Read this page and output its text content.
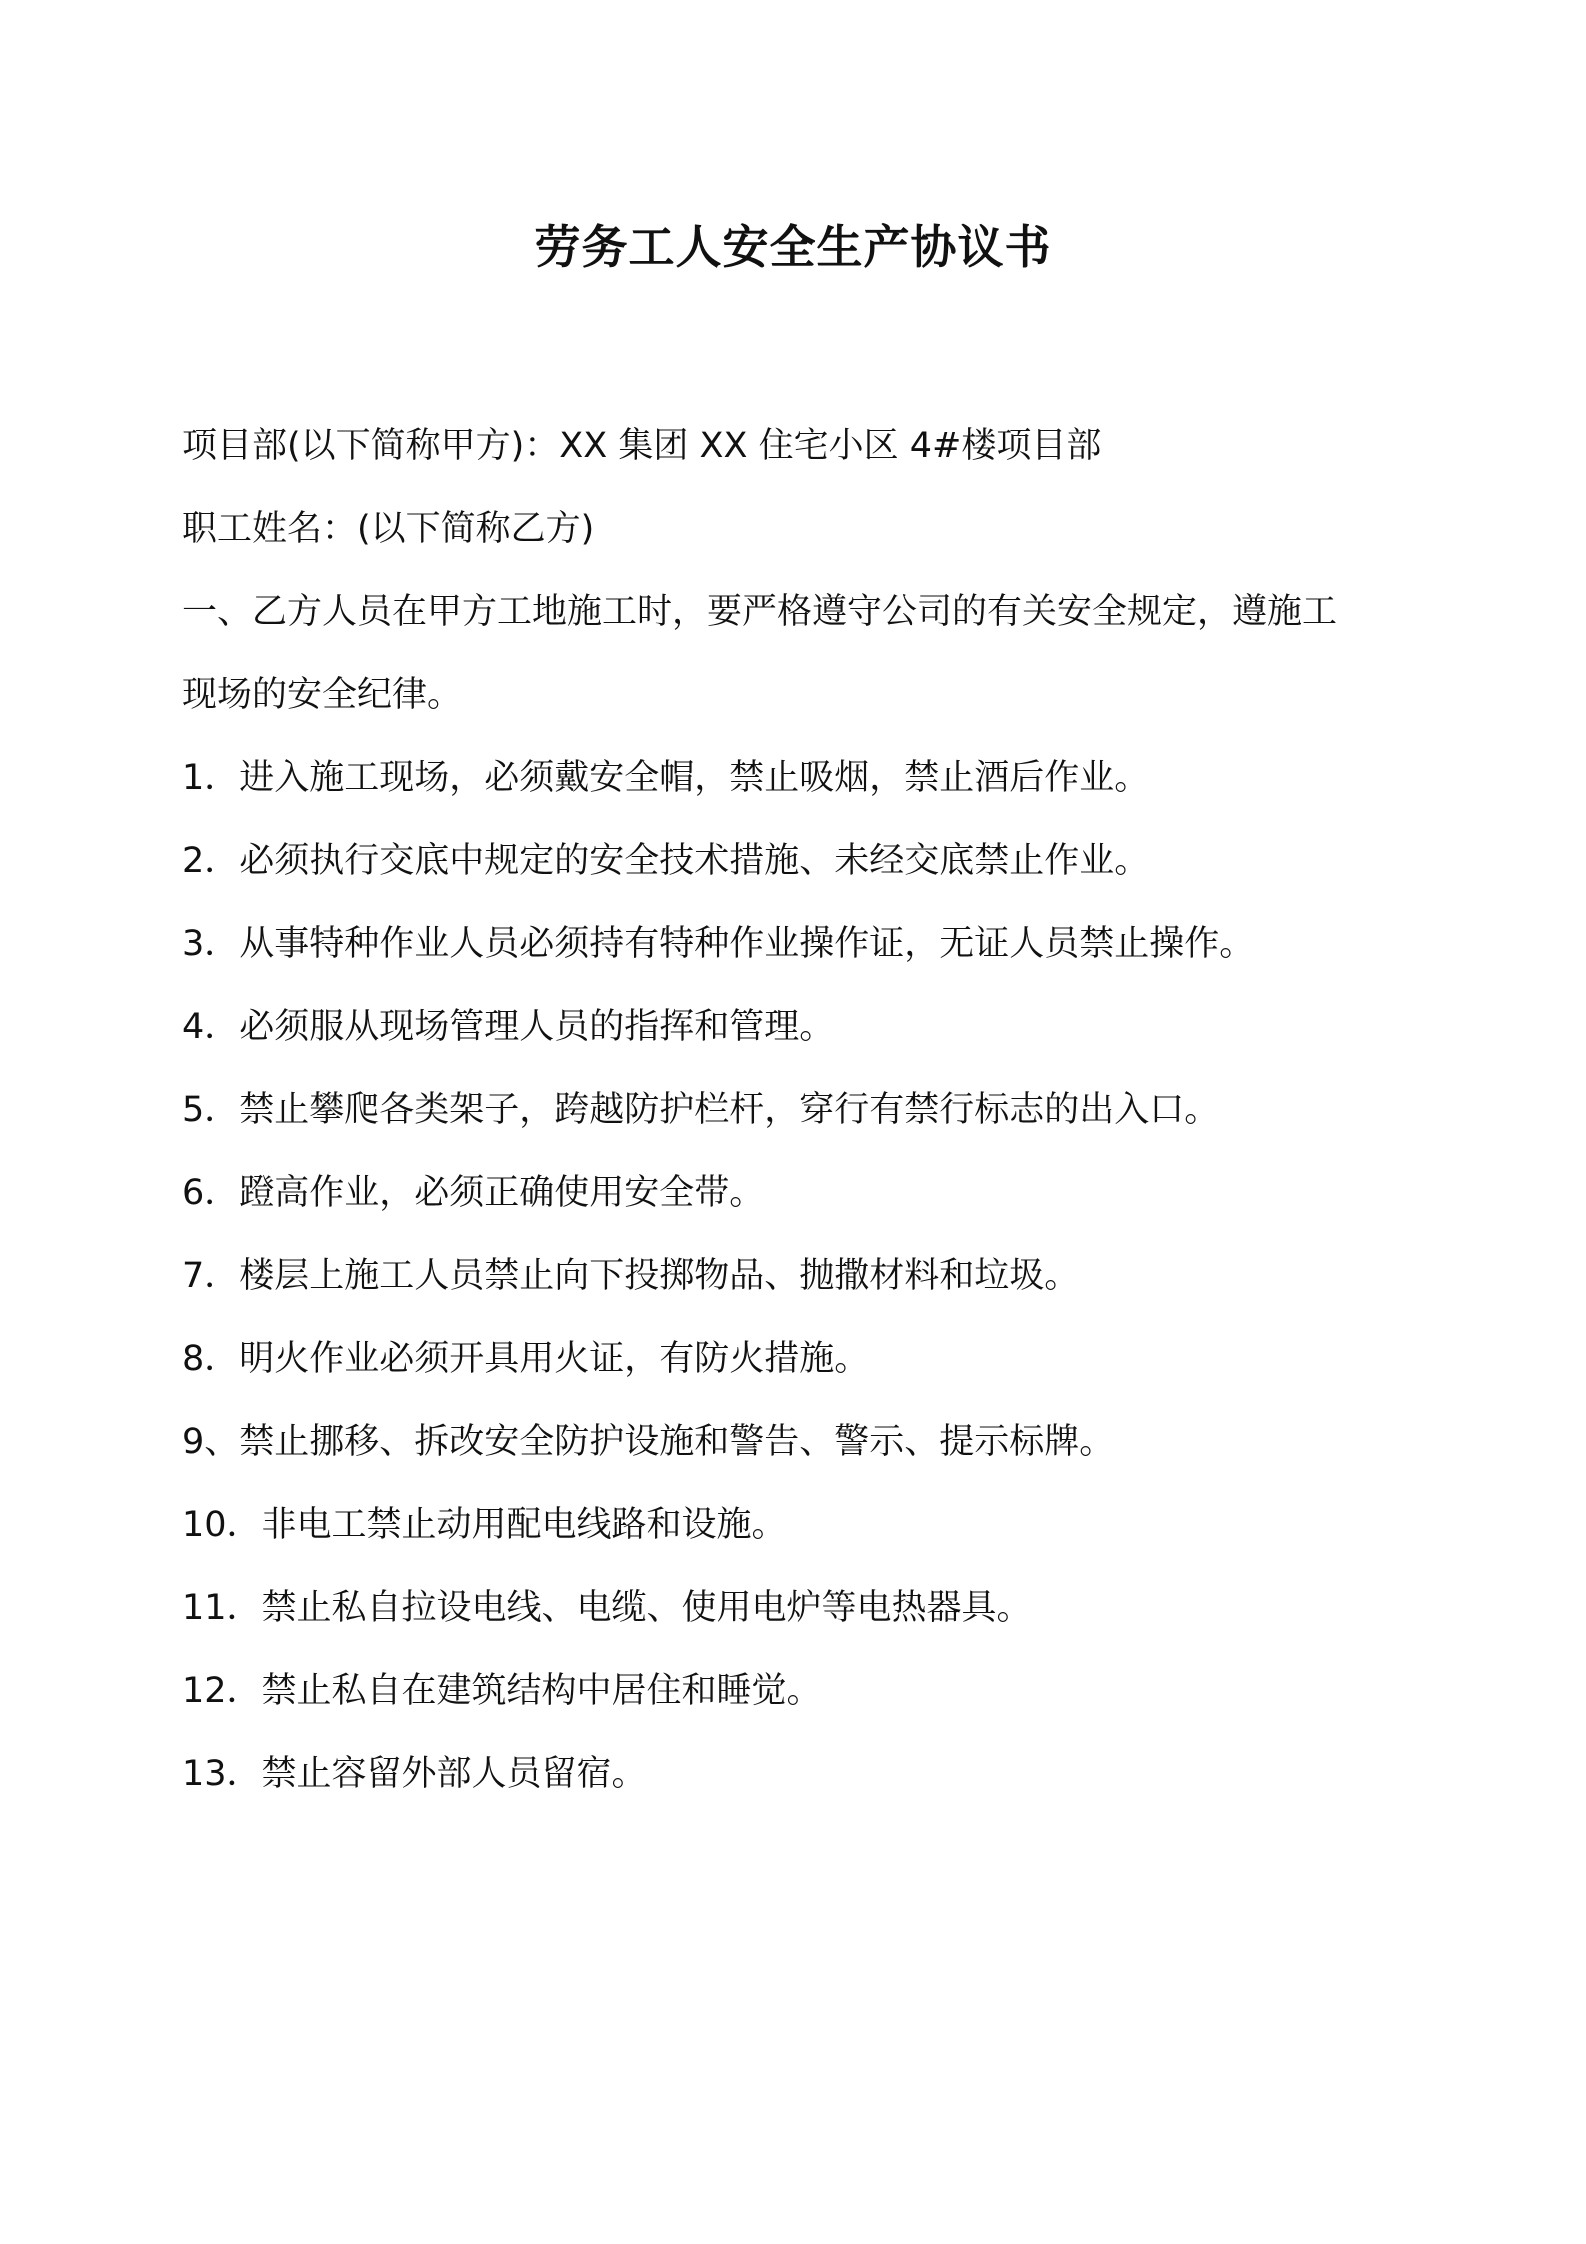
劳务工人安全生产协议书
项目部(以下简称甲方)：XX 集团 XX 住宅小区 4#楼项目部
职工姓名：(以下简称乙方)
一、乙方人员在甲方工地施工时，要严格遵守公司的有关安全规定，遵施工
现场的安全纪律。
1．进入施工现场，必须戴安全帽，禁止吸烟，禁止酒后作业。
2．必须执行交底中规定的安全技术措施、未经交底禁止作业。
3．从事特种作业人员必须持有特种作业操作证，无证人员禁止操作。
4．必须服从现场管理人员的指挥和管理。
5．禁止攀爬各类架子，跨越防护栏杆，穿行有禁行标志的出入口。
6．蹬高作业，必须正确使用安全带。
7．楼层上施工人员禁止向下投掷物品、抛撒材料和垃圾。
8．明火作业必须开具用火证，有防火措施。
9、禁止挪移、拆改安全防护设施和警告、警示、提示标牌。
10．非电工禁止动用配电线路和设施。
11．禁止私自拉设电线、电缆、使用电炉等电热器具。
12．禁止私自在建筑结构中居住和睡觉。
13．禁止容留外部人员留宿。
